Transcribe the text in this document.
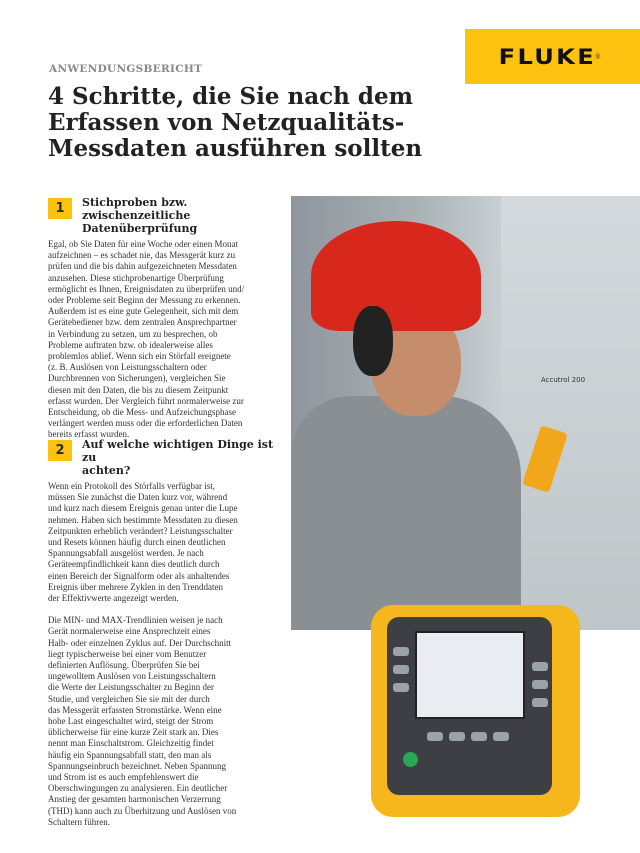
FLUKE ®
ANWENDUNGSBERICHT
4 Schritte, die Sie nach dem
Erfassen von Netzqualitäts-
Messdaten ausführen sollten
1	Stichproben bzw. zwischenzeitliche
Datenüberprüfung
Egal, ob Sie Daten für eine Woche oder einen Monat
aufzeichnen – es schadet nie, das Messgerät kurz zu
prüfen und die bis dahin aufgezeichneten Messdaten
anzusehen. Diese stichprobenartige Überprüfung
ermöglicht es Ihnen, Ereignisdaten zu überprüfen und/
oder Probleme seit Beginn der Messung zu erkennen.
Außerdem ist es eine gute Gelegenheit, sich mit dem
Gerätebediener bzw. dem zentralen Ansprechpartner
in Verbindung zu setzen, um zu besprechen, ob
Probleme auftraten bzw. ob idealerweise alles
problemlos ablief. Wenn sich ein Störfall ereignete
(z. B. Auslösen von Leistungsschaltern oder
Durchbrennen von Sicherungen), vergleichen Sie
diesen mit den Daten, die bis zu diesem Zeitpunkt
erfasst wurden. Der Vergleich führt normalerweise zur
Entscheidung, ob die Mess- und Aufzeichungsphase
verlängert werden muss oder die erforderlichen Daten
bereits erfasst wurden.
2	Auf welche wichtigen Dinge ist zu
achten?
Wenn ein Protokoll des Störfalls verfügbar ist,
müssen Sie zunächst die Daten kurz vor, während
und kurz nach diesem Ereignis genau unter die Lupe
nehmen. Haben sich bestimmte Messdaten zu diesen
Zeitpunkten erheblich verändert? Leistungsschalter
und Resets können häufig durch einen deutlichen
Spannungsabfall ausgelöst werden. Je nach
Geräteempfindlichkeit kann dies deutlich durch
einen Bereich der Signalform oder als anhaltendes
Ereignis über mehrere Zyklen in den Trenddaten
der Effektivwerte angezeigt werden.
Die MIN- und MAX-Trendlinien weisen je nach
Gerät normalerweise eine Ansprechzeit eines
Halb- oder einzelnen Zyklus auf. Der Durchschnitt
liegt typischerweise bei einer vom Benutzer
definierten Auflösung. Überprüfen Sie bei
ungewolltem Auslösen von Leistungsschaltern
die Werte der Leistungsschalter zu Beginn der
Studie, und vergleichen Sie sie mit der durch
das Messgerät erfassten Stromstärke. Wenn eine
hohe Last eingeschaltet wird, steigt der Strom
üblicherweise für eine kurze Zeit stark an. Dies
nennt man Einschaltstrom. Gleichzeitig findet
häufig ein Spannungsabfall statt, den man als
Spannungseinbruch bezeichnet. Neben Spannung
und Strom ist es auch empfehlenswert die
Oberschwingungen zu analysieren. Ein deutlicher
Anstieg der gesamten harmonischen Verzerrung
(THD) kann auch zu Überhitzung und Auslösen von
Schaltern führen.
Accutrol 200
